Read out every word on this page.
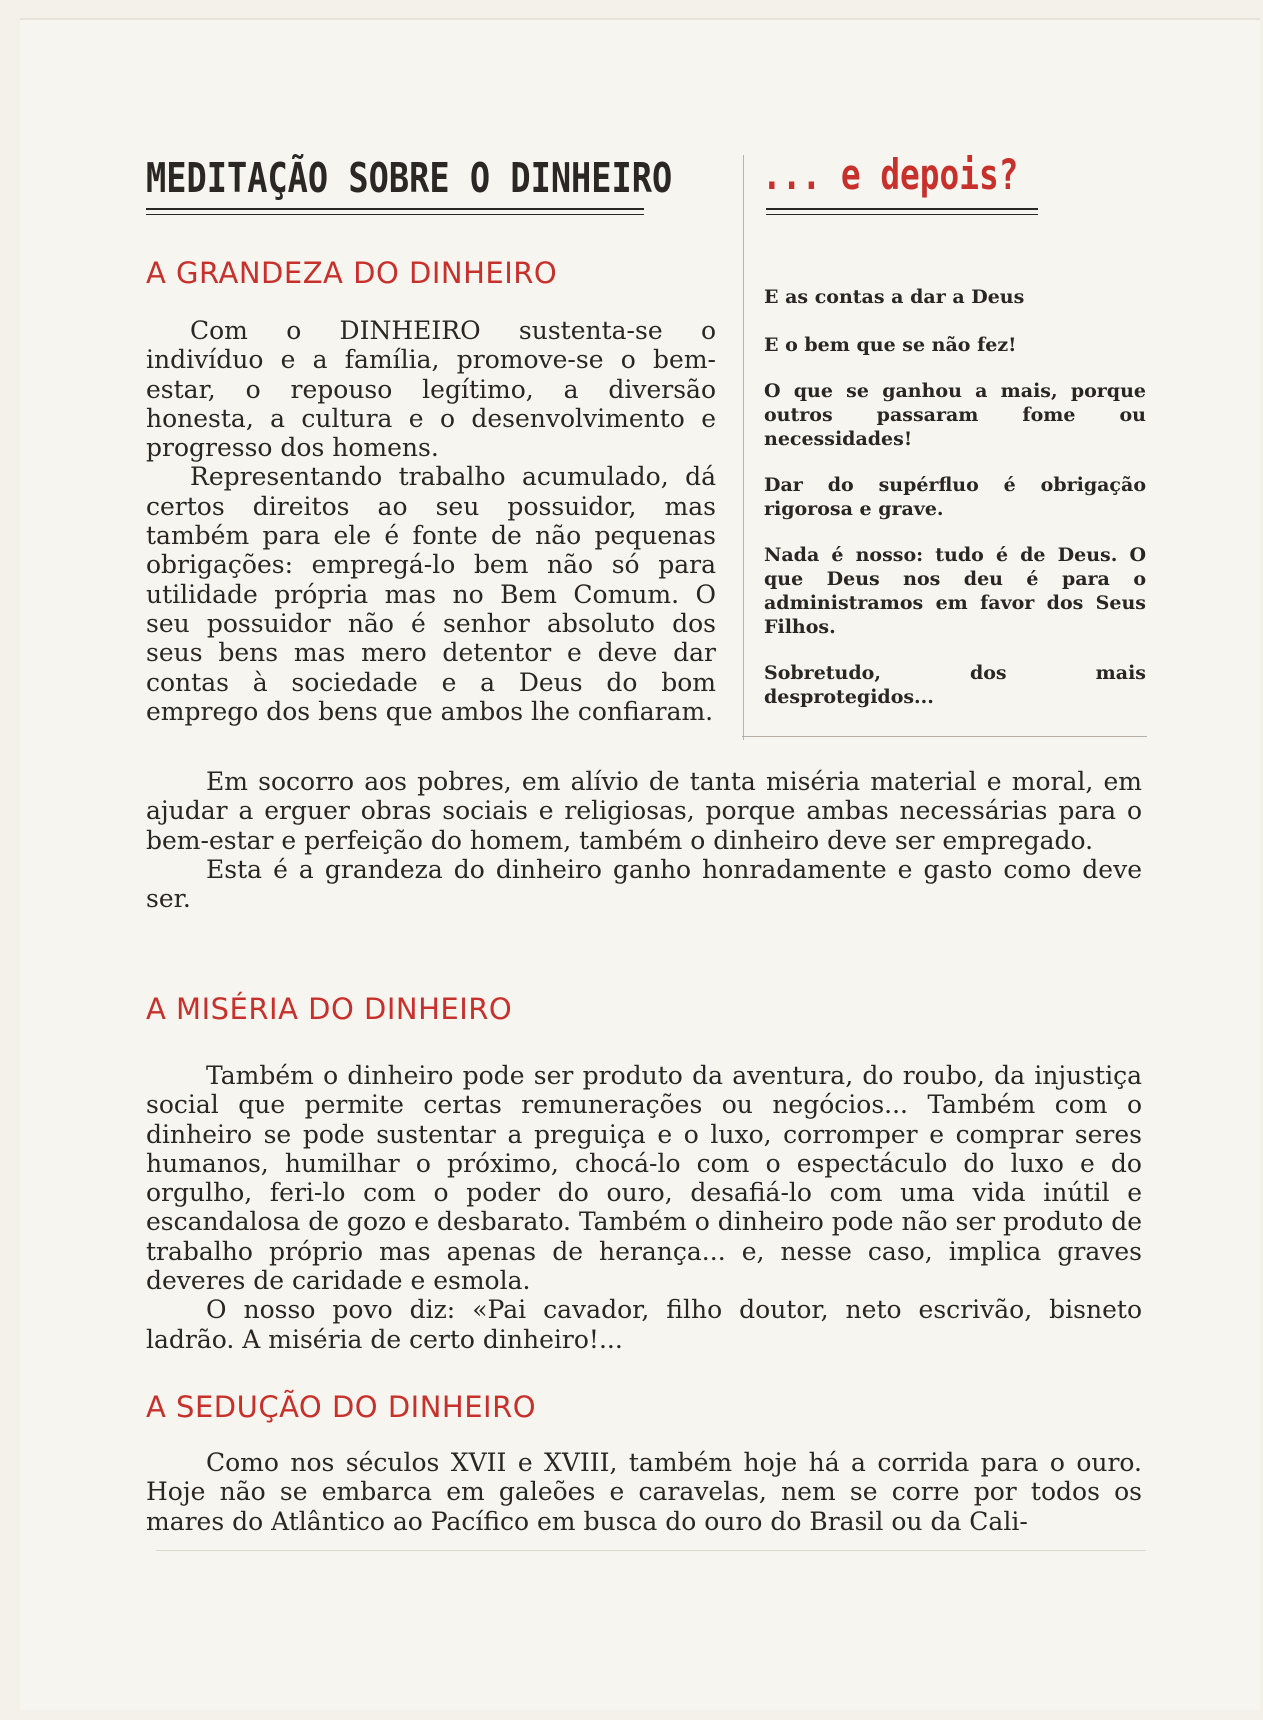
MEDITAÇÃO SOBRE O DINHEIRO ... e depois?

E as contas a dar a Deus

E o bem que se não fez!

O que se ganhou a mais, porque outros passaram fome ou necessidades!

Dar do supérfluo é obrigação rigorosa e grave.

Nada é nosso: tudo é de Deus. O que Deus nos deu é para o administramos em favor dos Seus Filhos.

Sobretudo, dos mais desprotegidos...

A GRANDEZA DO DINHEIRO

Com o DINHEIRO sustenta-se o indivíduo e a família, promove-se o bem-estar, o repouso legítimo, a diversão honesta, a cultura e o desenvolvimento e progresso dos homens.

Representando trabalho acumulado, dá certos direitos ao seu possuidor, mas também para ele é fonte de não pequenas obrigações: empregá-lo bem não só para utilidade própria mas no Bem Comum. O seu possuidor não é senhor absoluto dos seus bens mas mero detentor e deve dar contas à sociedade e a Deus do bom emprego dos bens que ambos lhe confiaram.

Em socorro aos pobres, em alívio de tanta miséria material e moral, em ajudar a erguer obras sociais e religiosas, porque ambas necessárias para o bem-estar e perfeição do homem, também o dinheiro deve ser empregado.

Esta é a grandeza do dinheiro ganho honradamente e gasto como deve ser.

A MISÉRIA DO DINHEIRO

Também o dinheiro pode ser produto da aventura, do roubo, da injustiça social que permite certas remunerações ou negócios... Também com o dinheiro se pode sustentar a preguiça e o luxo, corromper e comprar seres humanos, humilhar o próximo, chocá-lo com o espectáculo do luxo e do orgulho, feri-lo com o poder do ouro, desafiá-lo com uma vida inútil e escandalosa de gozo e desbarato. Também o dinheiro pode não ser produto de trabalho próprio mas apenas de herança... e, nesse caso, implica graves deveres de caridade e esmola.

O nosso povo diz: «Pai cavador, filho doutor, neto escrivão, bisneto ladrão. A miséria de certo dinheiro!...

A SEDUÇÃO DO DINHEIRO

Como nos séculos XVII e XVIII, também hoje há a corrida para o ouro. Hoje não se embarca em galeões e caravelas, nem se corre por todos os mares do Atlântico ao Pacífico em busca do ouro do Brasil ou da Cali-
